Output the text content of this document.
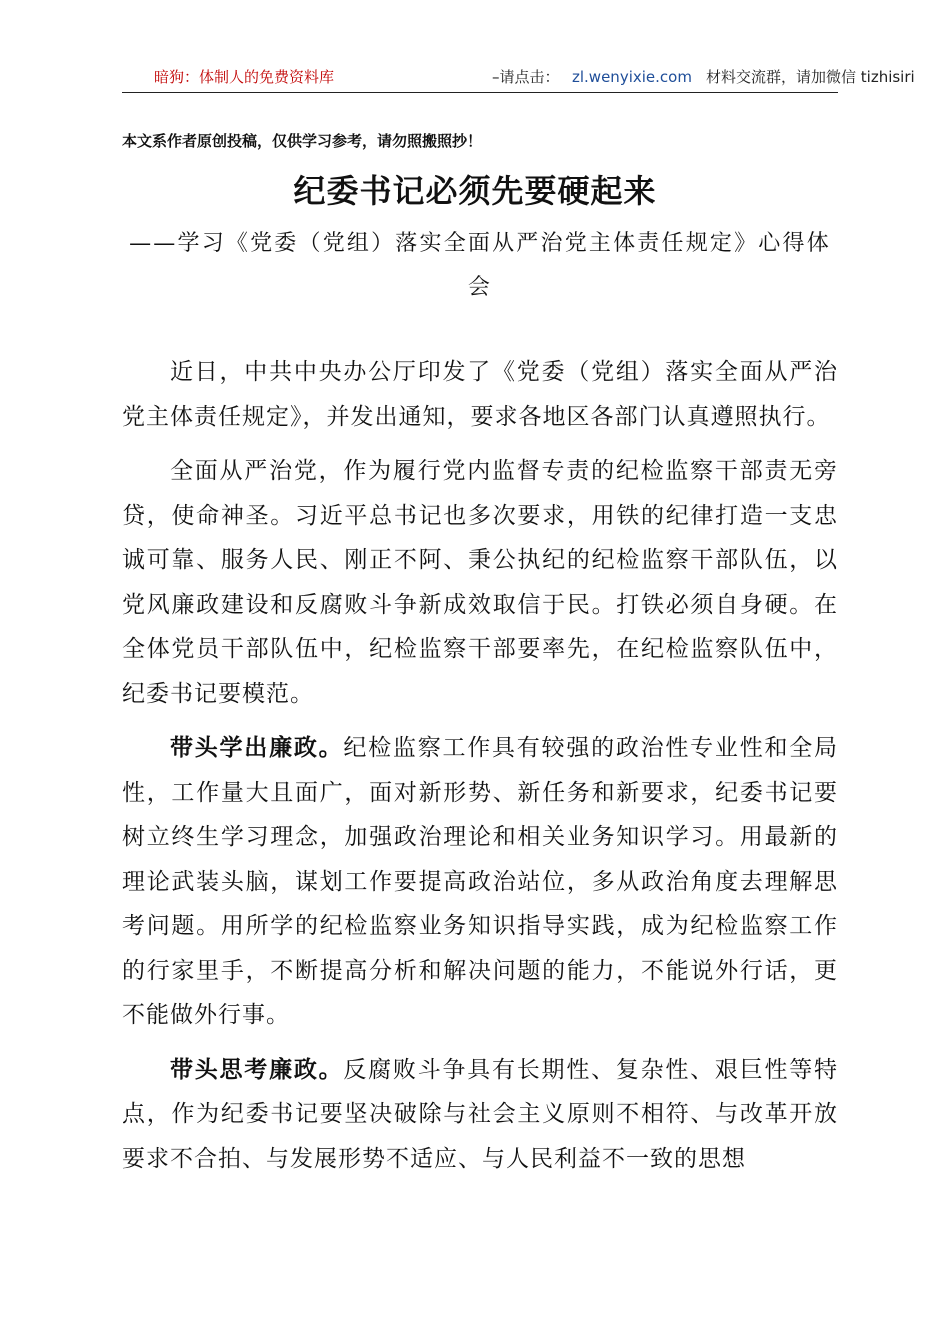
暗狗：体制人的免费资料库	–请点击： zl.wenyixie.com 材料交流群，请加微信 tizhisiri
本文系作者原创投稿，仅供学习参考，请勿照搬照抄！
纪委书记必须先要硬起来
——学习《党委（党组）落实全面从严治党主体责任规定》心得体会

近日，中共中央办公厅印发了《党委（党组）落实全面从严治党主体责任规定》，并发出通知，要求各地区各部门认真遵照执行。

全面从严治党，作为履行党内监督专责的纪检监察干部责无旁贷，使命神圣。习近平总书记也多次要求，用铁的纪律打造一支忠诚可靠、服务人民、刚正不阿、秉公执纪的纪检监察干部队伍，以党风廉政建设和反腐败斗争新成效取信于民。打铁必须自身硬。在全体党员干部队伍中，纪检监察干部要率先，在纪检监察队伍中，纪委书记要模范。

带头学出廉政。纪检监察工作具有较强的政治性专业性和全局性，工作量大且面广，面对新形势、新任务和新要求，纪委书记要树立终生学习理念，加强政治理论和相关业务知识学习。用最新的理论武装头脑，谋划工作要提高政治站位，多从政治角度去理解思考问题。用所学的纪检监察业务知识指导实践，成为纪检监察工作的行家里手，不断提高分析和解决问题的能力，不能说外行话，更不能做外行事。

带头思考廉政。反腐败斗争具有长期性、复杂性、艰巨性等特点，作为纪委书记要坚决破除与社会主义原则不相符、与改革开放要求不合拍、与发展形势不适应、与人民利益不一致的思想
